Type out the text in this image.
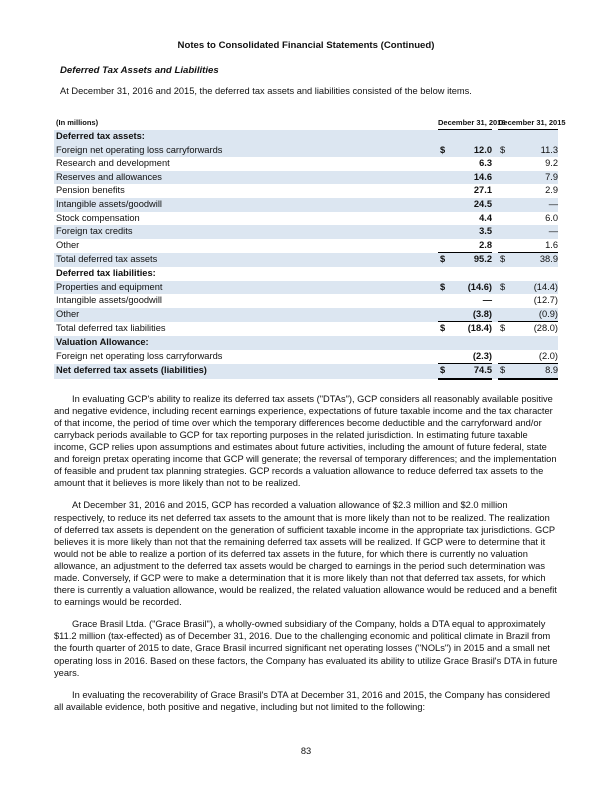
Notes to Consolidated Financial Statements (Continued)
Deferred Tax Assets and Liabilities
At December 31, 2016 and 2015, the deferred tax assets and liabilities consisted of the below items.
(In millions)	December 31, 2016			December 31, 2015	
Deferred tax assets:					
Foreign net operating loss carryforwards	$	12.0		$	11.3
Research and development		6.3			9.2
Reserves and allowances		14.6			7.9
Pension benefits		27.1			2.9
Intangible assets/goodwill		24.5			—
Stock compensation		4.4			6.0
Foreign tax credits		3.5			—
Other		2.8			1.6
Total deferred tax assets	$	95.2		$	38.9
Deferred tax liabilities:					
Properties and equipment	$	(14.6)		$	(14.4)
Intangible assets/goodwill		—			(12.7)
Other		(3.8)			(0.9)
Total deferred tax liabilities	$	(18.4)		$	(28.0)
Valuation Allowance:					
Foreign net operating loss carryforwards		(2.3)			(2.0)
Net deferred tax assets (liabilities)	$	74.5		$	8.9

In evaluating GCP's ability to realize its deferred tax assets ("DTAs"), GCP considers all reasonably available positive and negative evidence, including recent earnings experience, expectations of future taxable income and the tax character of that income, the period of time over which the temporary differences become deductible and the carryforward and/or carryback periods available to GCP for tax reporting purposes in the related jurisdiction. In estimating future taxable income, GCP relies upon assumptions and estimates about future activities, including the amount of future federal, state and foreign pretax operating income that GCP will generate; the reversal of temporary differences; and the implementation of feasible and prudent tax planning strategies. GCP records a valuation allowance to reduce deferred tax assets to the amount that it believes is more likely than not to be realized.

At December 31, 2016 and 2015, GCP has recorded a valuation allowance of $2.3 million and $2.0 million respectively, to reduce its net deferred tax assets to the amount that is more likely than not to be realized. The realization of deferred tax assets is dependent on the generation of sufficient taxable income in the appropriate tax jurisdictions. GCP believes it is more likely than not that the remaining deferred tax assets will be realized. If GCP were to determine that it would not be able to realize a portion of its deferred tax assets in the future, for which there is currently no valuation allowance, an adjustment to the deferred tax assets would be charged to earnings in the period such determination was made. Conversely, if GCP were to make a determination that it is more likely than not that deferred tax assets, for which there is currently a valuation allowance, would be realized, the related valuation allowance would be reduced and a benefit to earnings would be recorded.

Grace Brasil Ltda. ("Grace Brasil"), a wholly-owned subsidiary of the Company, holds a DTA equal to approximately $11.2 million (tax-effected) as of December 31, 2016. Due to the challenging economic and political climate in Brazil from the fourth quarter of 2015 to date, Grace Brasil incurred significant net operating losses ("NOLs") in 2015 and a small net operating loss in 2016. Based on these factors, the Company has evaluated its ability to utilize Grace Brasil's DTA in future years.

In evaluating the recoverability of Grace Brasil's DTA at December 31, 2016 and 2015, the Company has considered all available evidence, both positive and negative, including but not limited to the following:

83
